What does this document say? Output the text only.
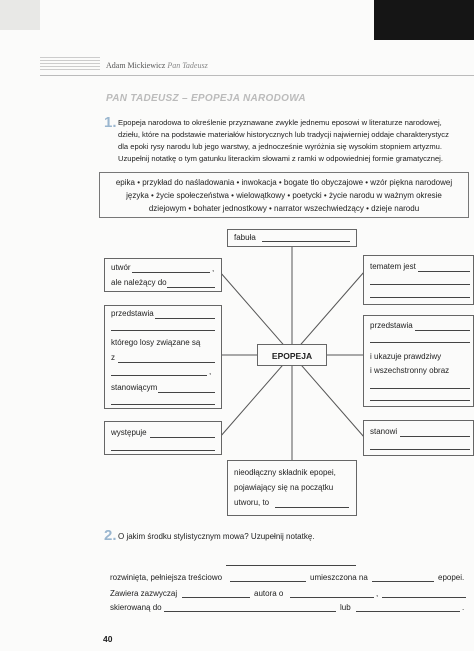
Adam Mickiewicz Pan Tadeusz
PAN TADEUSZ – EPOPEJA NARODOWA
1. Epopeja narodowa to określenie przyznawane zwykle jednemu eposowi w literaturze narodowej,
dziełu, które na podstawie materiałów historycznych lub tradycji najwierniej oddaje charakterystycz
dla epoki rysy narodu lub jego warstwy, a jednocześnie wyróżnia się wysokim stopniem artyzmu.
Uzupełnij notatkę o tym gatunku literackim słowami z ramki w odpowiedniej formie gramatycznej.
epika • przykład do naśladowania • inwokacja • bogate tło obyczajowe • wzór piękna narodowej
języka • życie społeczeństwa • wielowątkowy • poetycki • życie narodu w ważnym okresie
dziejowym • bohater jednostkowy • narrator wszechwiedzący • dzieje narodu
fabuła
utwór	,
ale należący do
przedstawia
którego losy związane są
z
,
stanowiącym
występuje
tematem jest
przedstawia
i ukazuje prawdziwy
i wszechstronny obraz
stanowi
EPOPEJA
nieodłączny składnik epopei,
pojawiający się na początku
utworu, to
2. O jakim środku stylistycznym mowa? Uzupełnij notatkę.
rozwinięta, pełniejsza treściowo	umieszczona na	epopei.
Zawiera zazwyczaj	autora o	,
skierowaną do	lub	.
40
